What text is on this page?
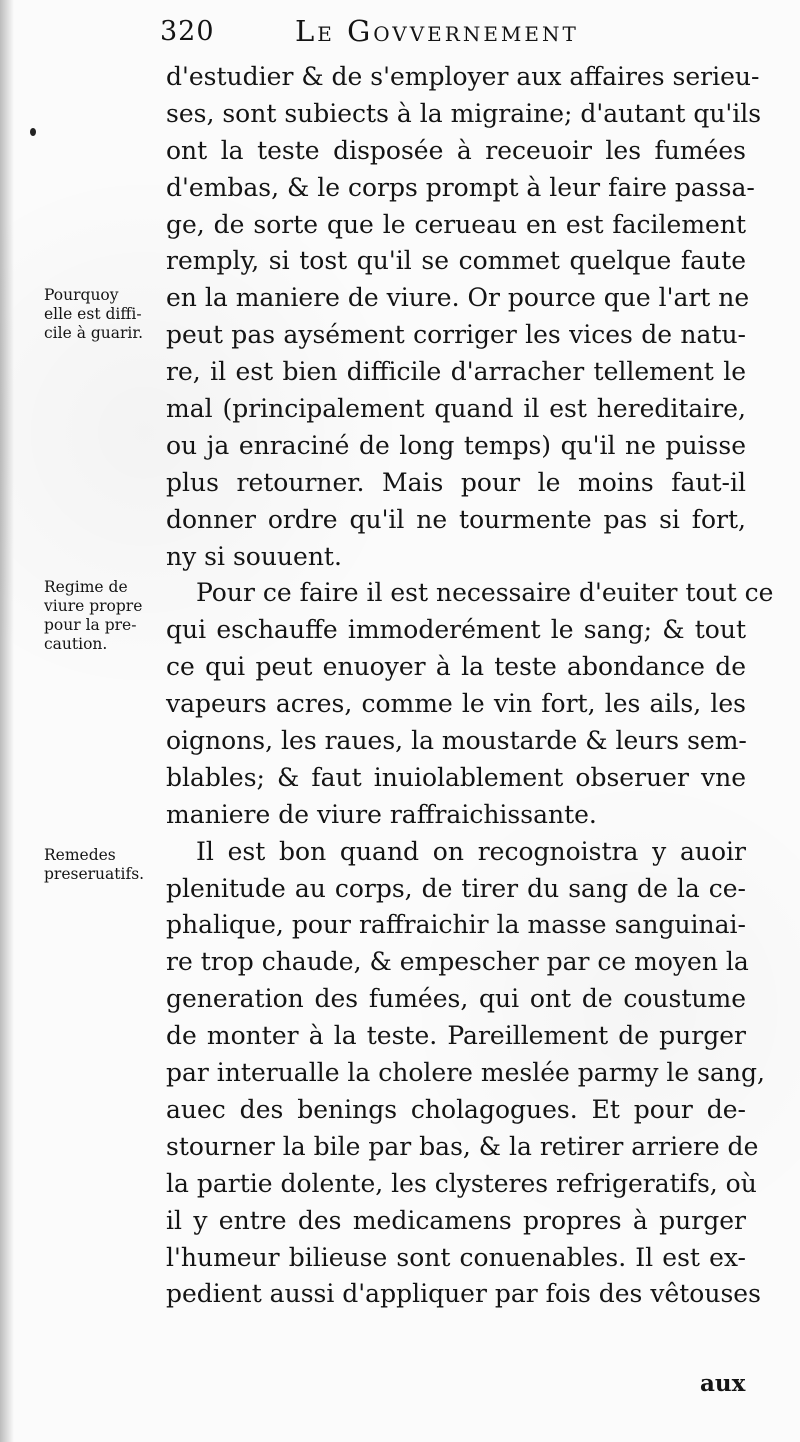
320	Le Govvernement
d'estudier & de s'employer aux affaires serieu-
ses, sont subiects à la migraine; d'autant qu'ils
ont la teste disposée à receuoir les fumées
d'embas, & le corps prompt à leur faire passa-
ge, de sorte que le cerueau en est facilement
remply, si tost qu'il se commet quelque faute
en la maniere de viure. Or pource que l'art ne
peut pas aysément corriger les vices de natu-
re, il est bien difficile d'arracher tellement le
mal (principalement quand il est hereditaire,
ou ja enraciné de long temps) qu'il ne puisse
plus retourner. Mais pour le moins faut-il
donner ordre qu'il ne tourmente pas si fort,
ny si souuent.
Pour ce faire il est necessaire d'euiter tout ce
qui eschauffe immoderément le sang; & tout
ce qui peut enuoyer à la teste abondance de
vapeurs acres, comme le vin fort, les ails, les
oignons, les raues, la moustarde & leurs sem-
blables; & faut inuiolablement obseruer vne
maniere de viure raffraichissante.
Il est bon quand on recognoistra y auoir
plenitude au corps, de tirer du sang de la ce-
phalique, pour raffraichir la masse sanguinai-
re trop chaude, & empescher par ce moyen la
generation des fumées, qui ont de coustume
de monter à la teste. Pareillement de purger
par interualle la cholere meslée parmy le sang,
auec des benings cholagogues. Et pour de-
stourner la bile par bas, & la retirer arriere de
la partie dolente, les clysteres refrigeratifs, où
il y entre des medicamens propres à purger
l'humeur bilieuse sont conuenables. Il est ex-
pedient aussi d'appliquer par fois des vêtouses
aux
Pourquoy
elle est diffi-
cile à guarir.
Regime de
viure propre
pour la pre-
caution.
Remedes
preseruatifs.
